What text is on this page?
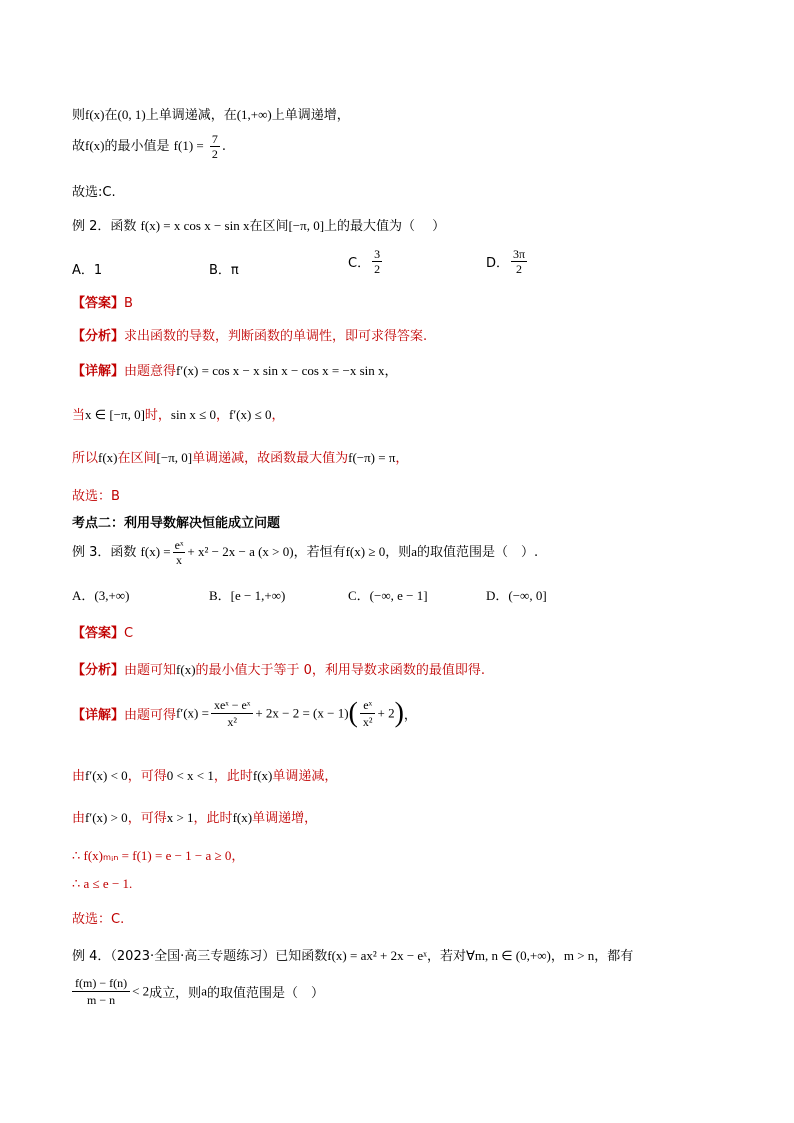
则f(x)在(0, 1)上单调递减，在(1,+∞)上单调递增，
故f(x)的最小值是 $f(1) = \frac{7}{2}$ .
故选:C.
例 2．函数 f(x) = x cos x − sin x在区间[−π, 0]上的最大值为（　 ）
A．1	B．π	C． $\frac{3}{2}$	D． $\frac{3\pi}{2}$
【答案】B
【分析】求出函数的导数，判断函数的单调性，即可求得答案.
【详解】由题意得f′(x) = cos x − x sin x − cos x = −x sin x，
当x ∈ [−π, 0]时，sin x ≤ 0，f′(x) ≤ 0，
所以f(x)在区间[−π, 0]单调递减，故函数最大值为f(−π) = π，
故选：B
考点二：利用导数解决恒能成立问题
例 3．函数 $f(x) = \frac{\text{eˣ}}{x} + x^2 - 2x - a$ (x > 0)，若恒有f(x) ≥ 0，则a的取值范围是（　）.
A．(3,+∞)	B．[e − 1,+∞)	C．(−∞, e − 1]	D．(−∞, 0]
【答案】C
【分析】由题可知f(x)的最小值大于等于 0，利用导数求函数的最值即得.
【详解】由题可得$f'(x) = \frac{\text{xeˣ − eˣ}}{\text{x²}} + 2x - 2 = (x - 1)( \frac{\text{eˣ}}{\text{x²}} + 2)$，
由f′(x) < 0，可得0 < x < 1，此时f(x)单调递减，
由f′(x) > 0，可得x > 1，此时f(x)单调递增，
∴ f(x)ₘᵢₙ = f(1) = e − 1 − a ≥ 0，
∴ a ≤ e − 1.
故选：C.
例 4．（2023·全国·高三专题练习）已知函数f(x) = ax² + 2x − eˣ，若对∀m, n ∈ (0,+∞)，m > n，都有
$\frac{f(m) - f(n)}{m - n} < 2$成立，则a的取值范围是（　）
